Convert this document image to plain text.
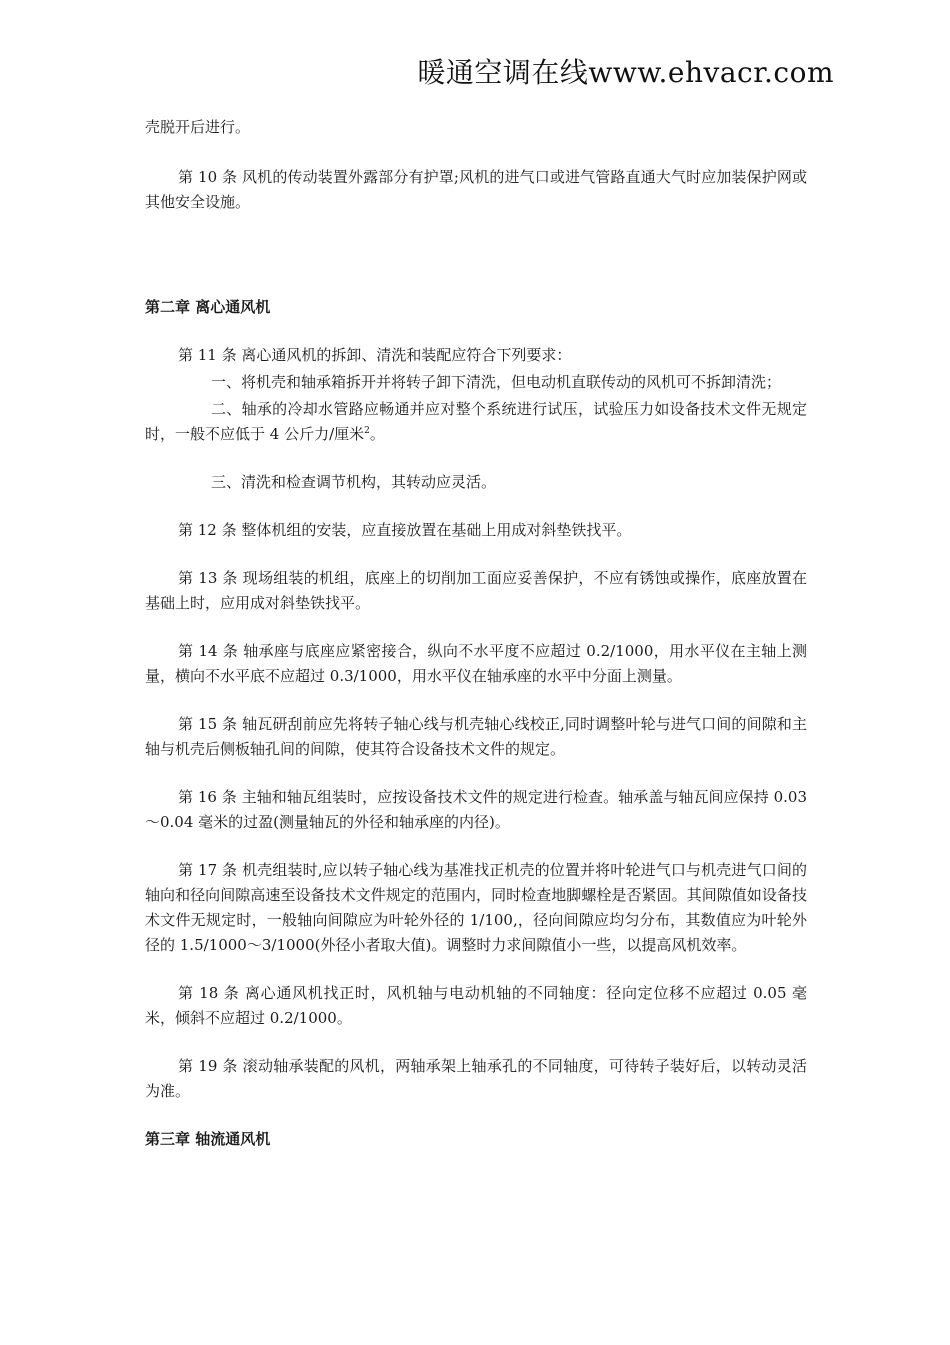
暖通空调在线www.ehvacr.com

壳脱开后进行。

第 10 条 风机的传动装置外露部分有护罩;风机的进气口或进气管路直通大气时应加装保护网或其他安全设施。

第二章 离心通风机

第 11 条 离心通风机的拆卸、清洗和装配应符合下列要求：

一、将机壳和轴承箱拆开并将转子卸下清洗，但电动机直联传动的风机可不拆卸清洗；

二、轴承的冷却水管路应畅通并应对整个系统进行试压，试验压力如设备技术文件无规定时，一般不应低于 4 公斤力/厘米$^2$。

三、清洗和检查调节机构，其转动应灵活。

第 12 条 整体机组的安装，应直接放置在基础上用成对斜垫铁找平。

第 13 条 现场组装的机组，底座上的切削加工面应妥善保护，不应有锈蚀或操作，底座放置在基础上时，应用成对斜垫铁找平。

第 14 条 轴承座与底座应紧密接合，纵向不水平度不应超过 0.2/1000，用水平仪在主轴上测量，横向不水平底不应超过 0.3/1000，用水平仪在轴承座的水平中分面上测量。

第 15 条 轴瓦研刮前应先将转子轴心线与机壳轴心线校正,同时调整叶轮与进气口间的间隙和主轴与机壳后侧板轴孔间的间隙，使其符合设备技术文件的规定。

第 16 条 主轴和轴瓦组装时，应按设备技术文件的规定进行检查。轴承盖与轴瓦间应保持 0.03～0.04 毫米的过盈(测量轴瓦的外径和轴承座的内径)。

第 17 条 机壳组装时,应以转子轴心线为基准找正机壳的位置并将叶轮进气口与机壳进气口间的轴向和径向间隙高速至设备技术文件规定的范围内，同时检查地脚螺栓是否紧固。其间隙值如设备技术文件无规定时，一般轴向间隙应为叶轮外径的 1/100,，径向间隙应均匀分布，其数值应为叶轮外径的 1.5/1000～3/1000(外径小者取大值)。调整时力求间隙值小一些，以提高风机效率。

第 18 条 离心通风机找正时，风机轴与电动机轴的不同轴度：径向定位移不应超过 0.05 毫米，倾斜不应超过 0.2/1000。

第 19 条 滚动轴承装配的风机，两轴承架上轴承孔的不同轴度，可待转子装好后，以转动灵活为准。

第三章 轴流通风机
